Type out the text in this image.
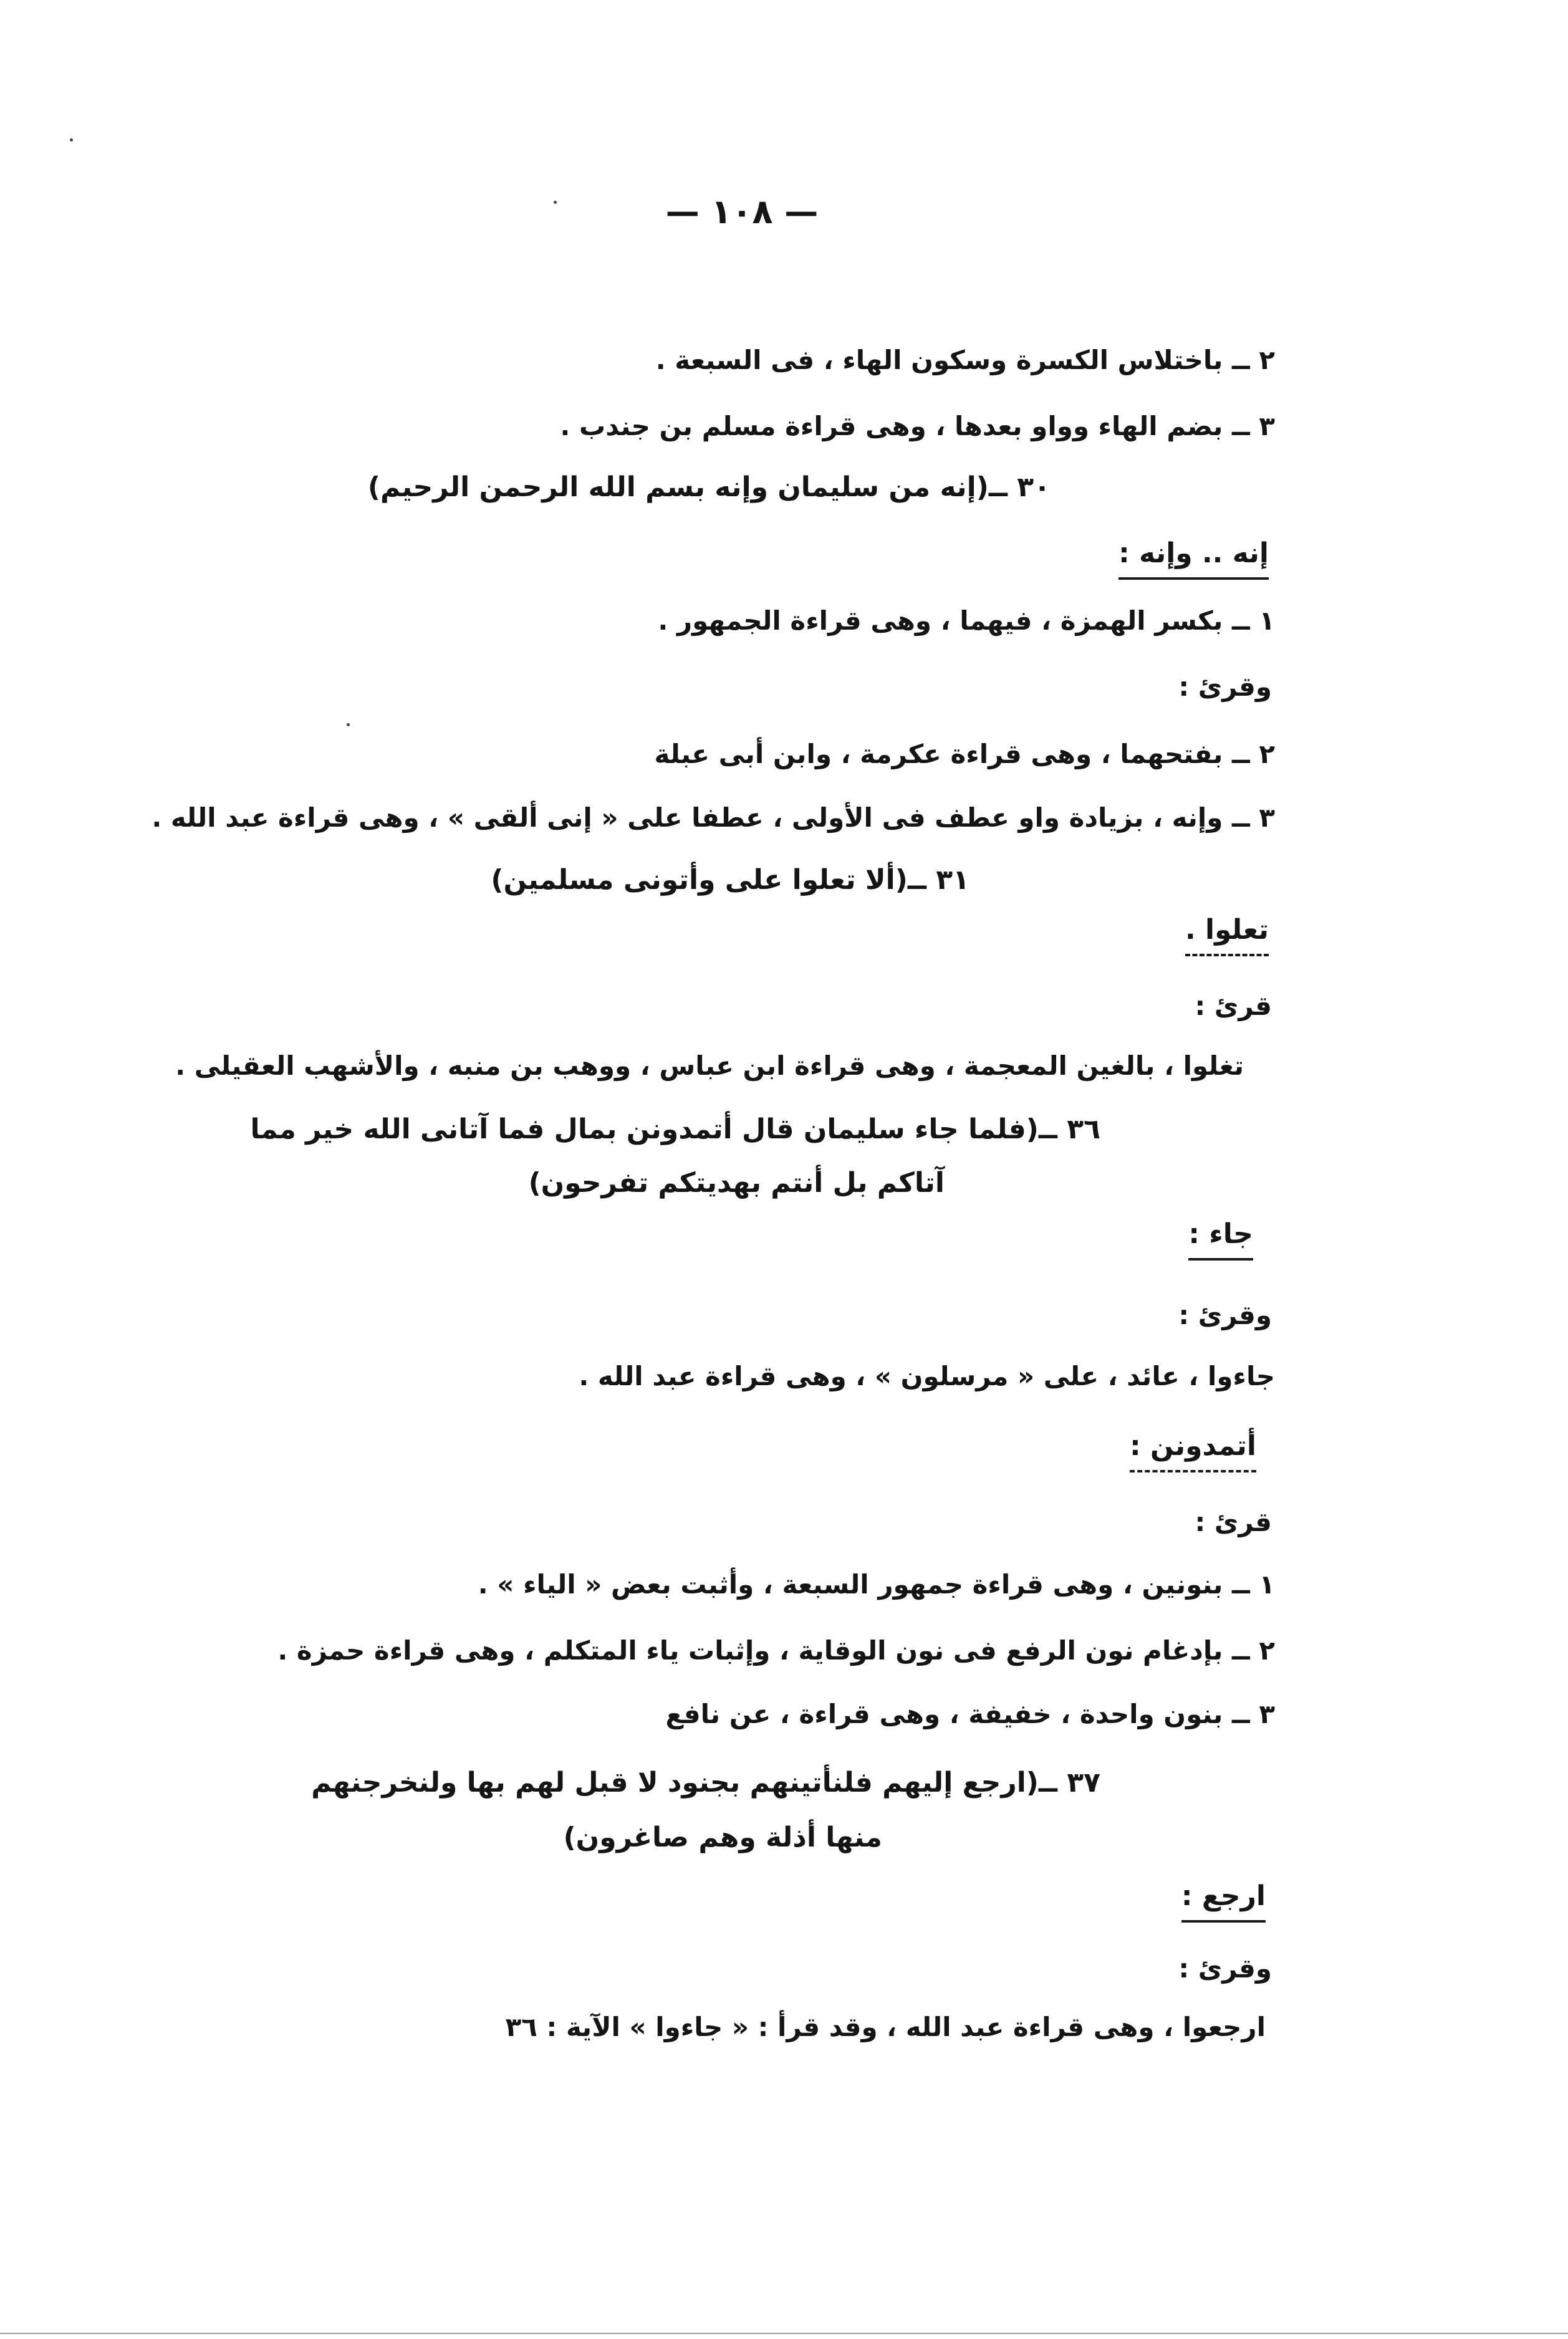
— ١٠٨ —
٢ ــ باختلاس الكسرة وسكون الهاء ، فى السبعة .
٣ ــ بضم الهاء وواو بعدها ، وهى قراءة مسلم بن جندب .
٣٠ ــ(إنه من سليمان وإنه بسم الله الرحمن الرحيم)
إنه .. وإنه :
١ ــ بكسر الهمزة ، فيهما ، وهى قراءة الجمهور .
وقرئ :
٢ ــ بفتحهما ، وهى قراءة عكرمة ، وابن أبى عبلة
٣ ــ وإنه ، بزيادة واو عطف فى الأولى ، عطفا على « إنى ألقى » ، وهى قراءة عبد الله .
٣١ ــ(ألا تعلوا على وأتونى مسلمين)
تعلوا .
قرئ :
تغلوا ، بالغين المعجمة ، وهى قراءة ابن عباس ، ووهب بن منبه ، والأشهب العقيلى .
٣٦ ــ(فلما جاء سليمان قال أتمدونن بمال فما آتانى الله خير مما
آتاكم بل أنتم بهديتكم تفرحون)
جاء :
وقرئ :
جاءوا ، عائد ، على « مرسلون » ، وهى قراءة عبد الله .
أتمدونن :
قرئ :
١ ــ بنونين ، وهى قراءة جمهور السبعة ، وأثبت بعض « الياء » .
٢ ــ بإدغام نون الرفع فى نون الوقاية ، وإثبات ياء المتكلم ، وهى قراءة حمزة .
٣ ــ بنون واحدة ، خفيفة ، وهى قراءة ، عن نافع
٣٧ ــ(ارجع إليهم فلنأتينهم بجنود لا قبل لهم بها ولنخرجنهم
منها أذلة وهم صاغرون)
ارجع :
وقرئ :
ارجعوا ، وهى قراءة عبد الله ، وقد قرأ : « جاءوا » الآية : ٣٦
